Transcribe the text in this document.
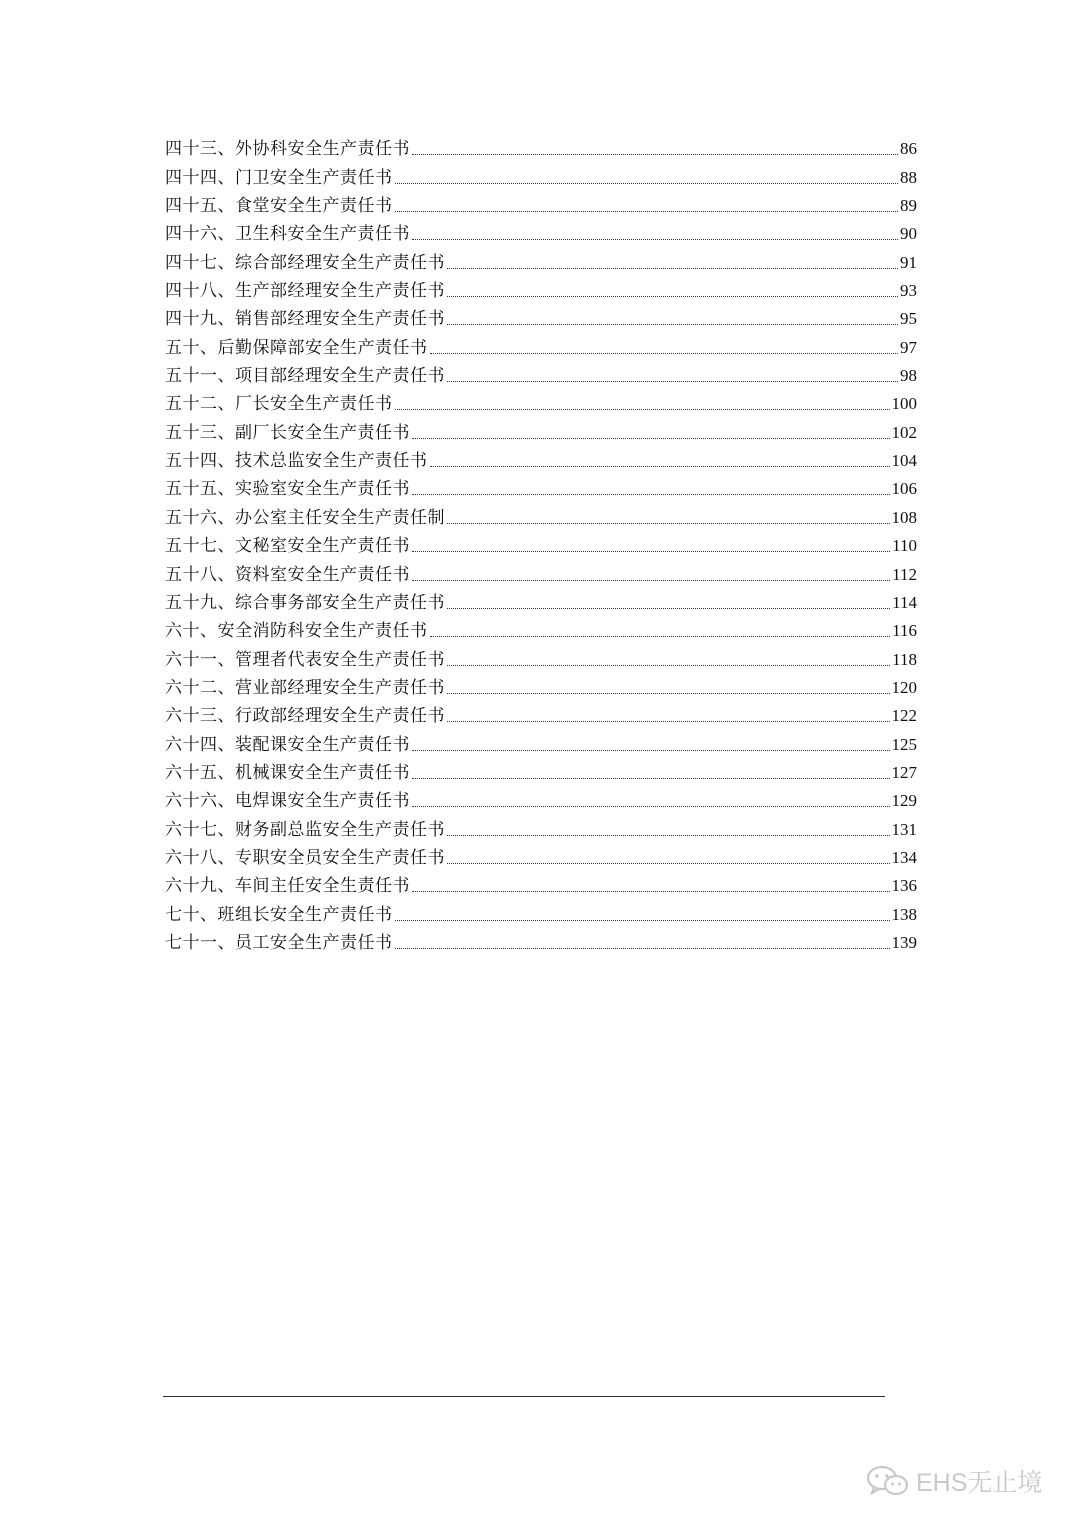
四十三、外协科安全生产责任书	86
四十四、门卫安全生产责任书	88
四十五、食堂安全生产责任书	89
四十六、卫生科安全生产责任书	90
四十七、综合部经理安全生产责任书	91
四十八、生产部经理安全生产责任书	93
四十九、销售部经理安全生产责任书	95
五十、后勤保障部安全生产责任书	97
五十一、项目部经理安全生产责任书	98
五十二、厂长安全生产责任书	100
五十三、副厂长安全生产责任书	102
五十四、技术总监安全生产责任书	104
五十五、实验室安全生产责任书	106
五十六、办公室主任安全生产责任制	108
五十七、文秘室安全生产责任书	110
五十八、资料室安全生产责任书	112
五十九、综合事务部安全生产责任书	114
六十、安全消防科安全生产责任书	116
六十一、管理者代表安全生产责任书	118
六十二、营业部经理安全生产责任书	120
六十三、行政部经理安全生产责任书	122
六十四、装配课安全生产责任书	125
六十五、机械课安全生产责任书	127
六十六、电焊课安全生产责任书	129
六十七、财务副总监安全生产责任书	131
六十八、专职安全员安全生产责任书	134
六十九、车间主任安全生责任书	136
七十、班组长安全生产责任书	138
七十一、员工安全生产责任书	139
EHS无止境
